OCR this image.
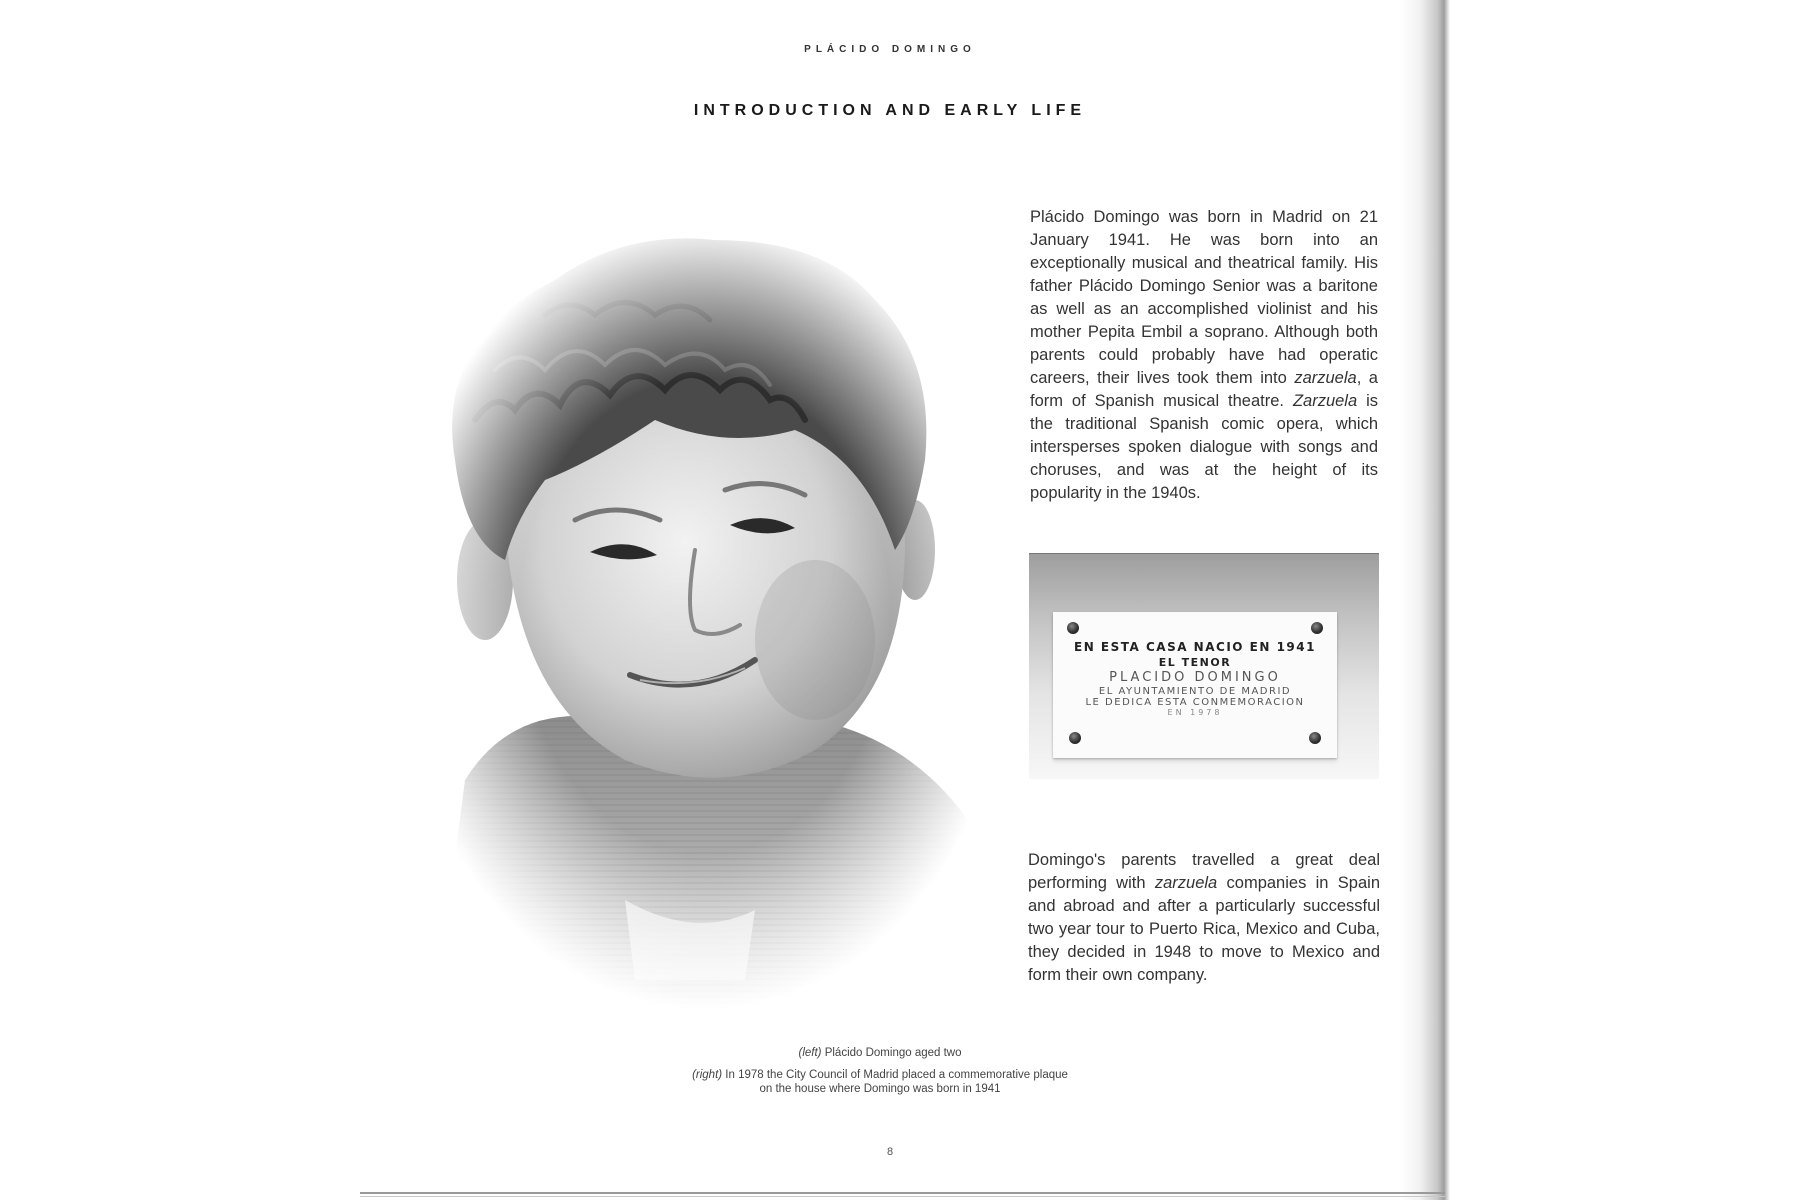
PLÁCIDO DOMINGO
INTRODUCTION AND EARLY LIFE
Plácido Domingo was born in Madrid on 21 January 1941. He was born into an exceptionally musical and theatrical family. His father Plácido Domingo Senior was a baritone as well as an accomplished violinist and his mother Pepita Embil a soprano. Although both parents could probably have had operatic careers, their lives took them into zarzuela, a form of Spanish musical theatre. Zarzuela is the traditional Spanish comic opera, which intersperses spoken dialogue with songs and choruses, and was at the height of its popularity in the 1940s.
EN ESTA CASA NACIO EN 1941
EL TENOR
PLACIDO DOMINGO
EL AYUNTAMIENTO DE MADRID
LE DEDICA ESTA CONMEMORACION
EN 1978
Domingo's parents travelled a great deal performing with zarzuela companies in Spain and abroad and after a particularly successful two year tour to Puerto Rica, Mexico and Cuba, they decided in 1948 to move to Mexico and form their own company.
(left) Plácido Domingo aged two
(right) In 1978 the City Council of Madrid placed a commemorative plaque
on the house where Domingo was born in 1941
8
